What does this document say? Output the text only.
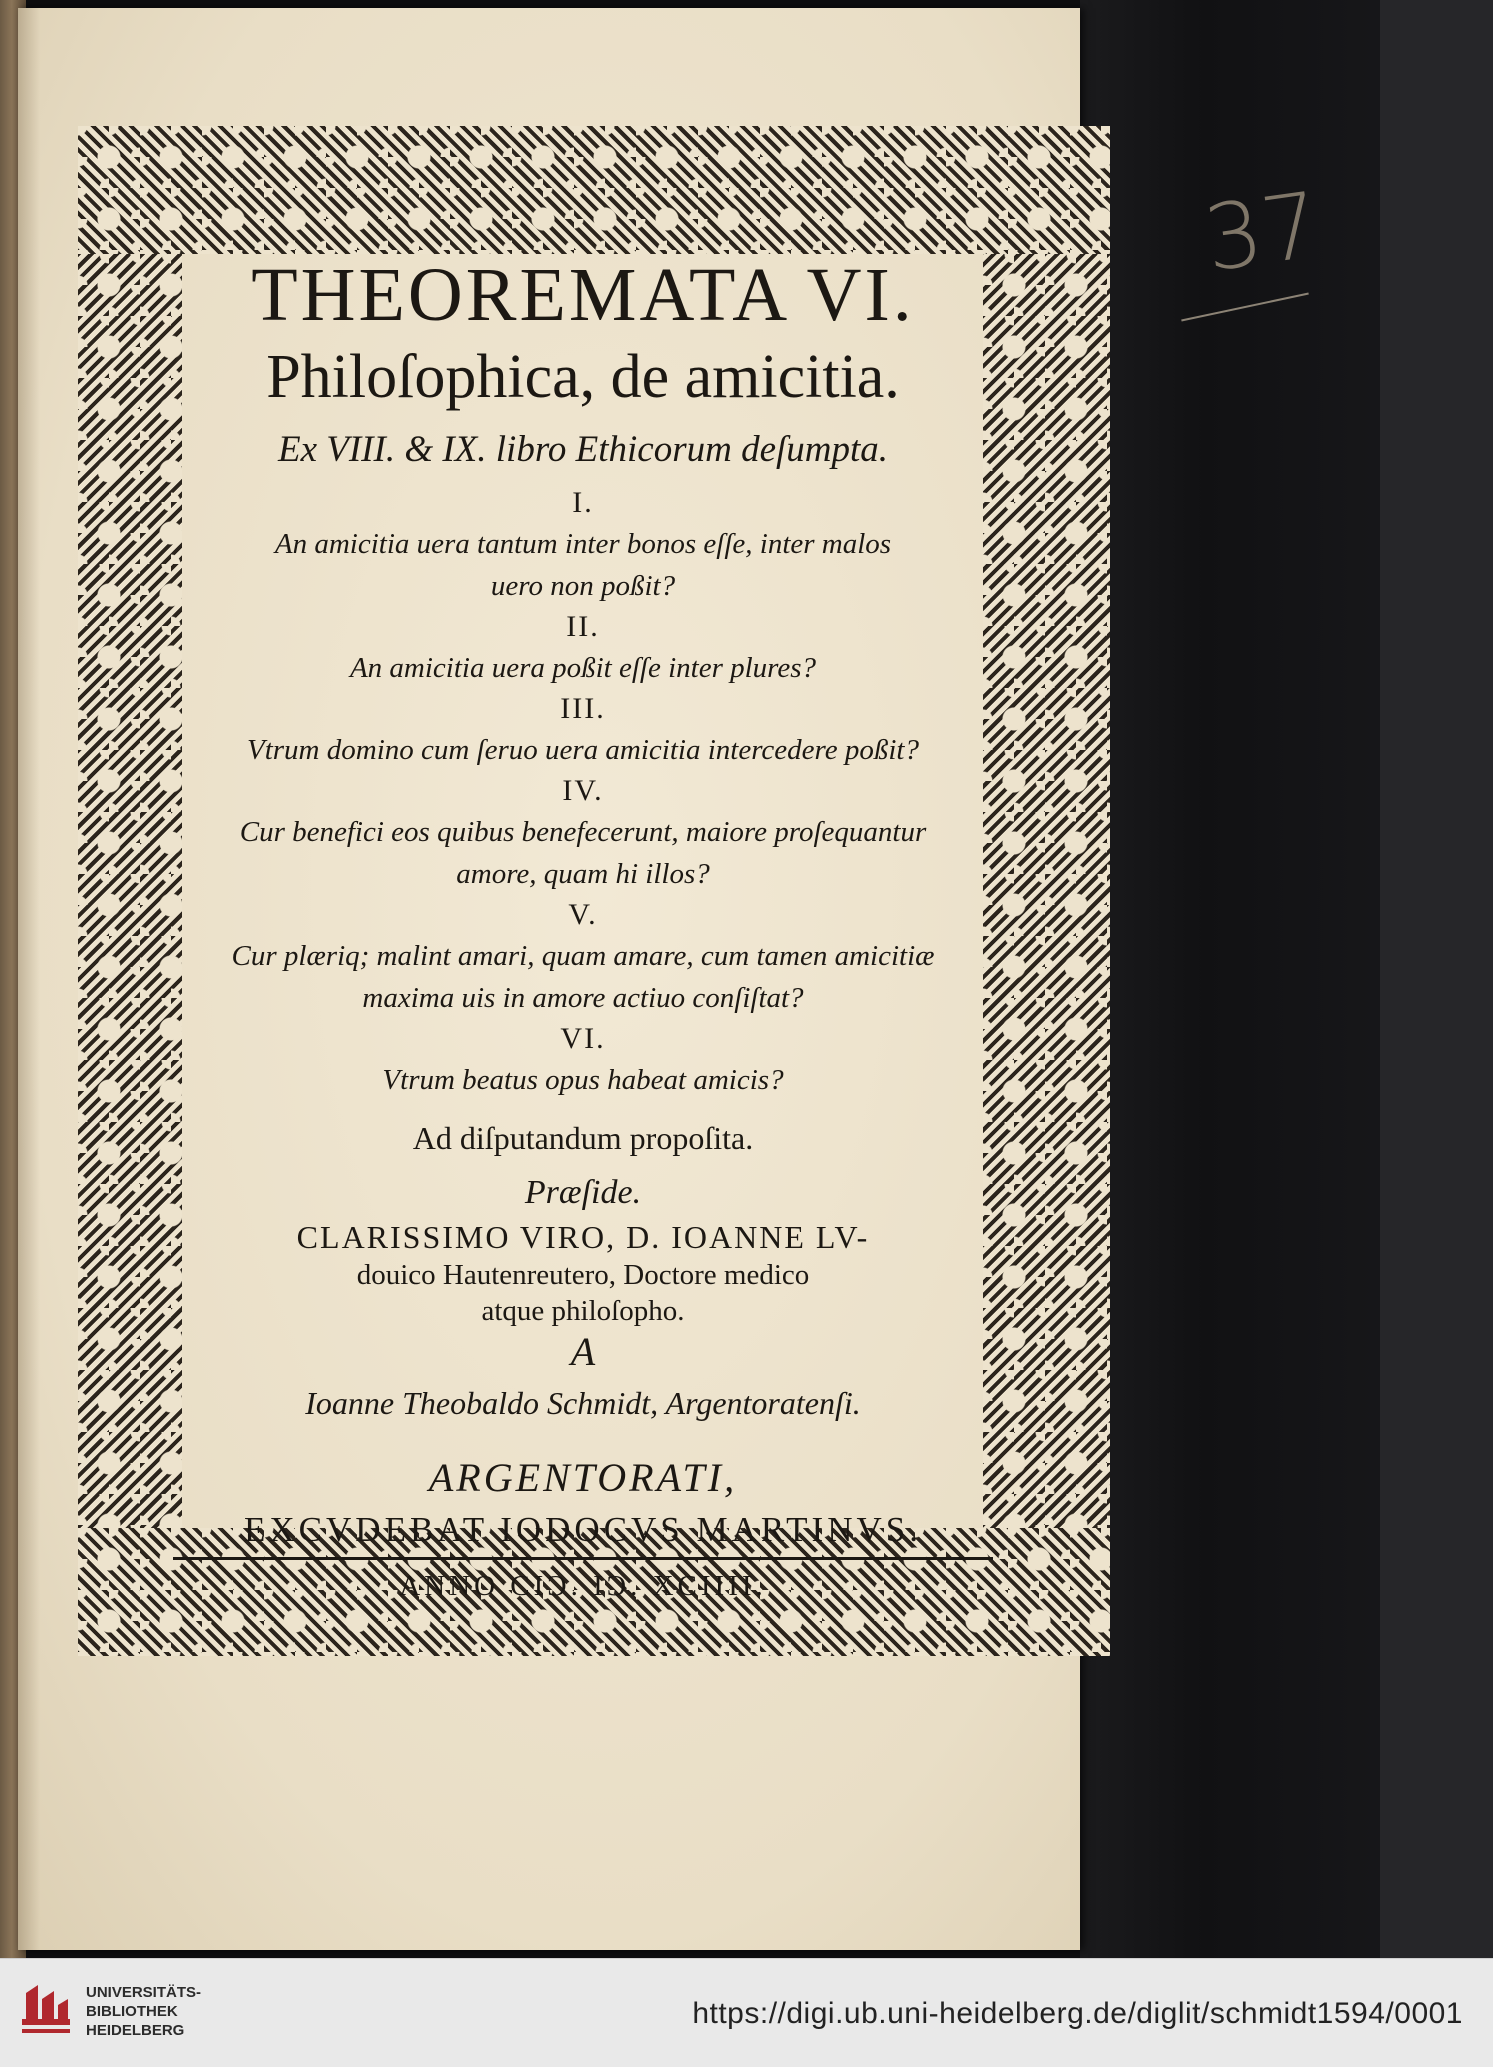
THEOREMATA VI.
Philoſophica, de amicitia.
Ex VIII. & IX. libro Ethicorum deſumpta.
I.
An amicitia uera tantum inter bonos eſſe, inter malos
uero non poßit?
II.
An amicitia uera poßit eſſe inter plures?
III.
Vtrum domino cum ſeruo uera amicitia intercedere poßit?
IV.
Cur benefici eos quibus benefecerunt, maiore proſequantur
amore, quam hi illos?
V.
Cur plæriq; malint amari, quam amare, cum tamen amicitiæ
maxima uis in amore actiuo conſiſtat?
VI.
Vtrum beatus opus habeat amicis?
Ad diſputandum propoſita.
Præſide.
CLARISSIMO VIRO, D. IOANNE LV-
douico Hautenreutero, Doctore medico
atque philoſopho.
A
Ioanne Theobaldo Schmidt, Argentoratenſi.
ARGENTORATI,
EXCVDEBAT IODOCVS MARTINVS.
ANNO CIϽ. IϽ. XCIIII.
37
UNIVERSITÄTS-
BIBLIOTHEK
HEIDELBERG
https://digi.ub.uni-heidelberg.de/diglit/schmidt1594/0001
